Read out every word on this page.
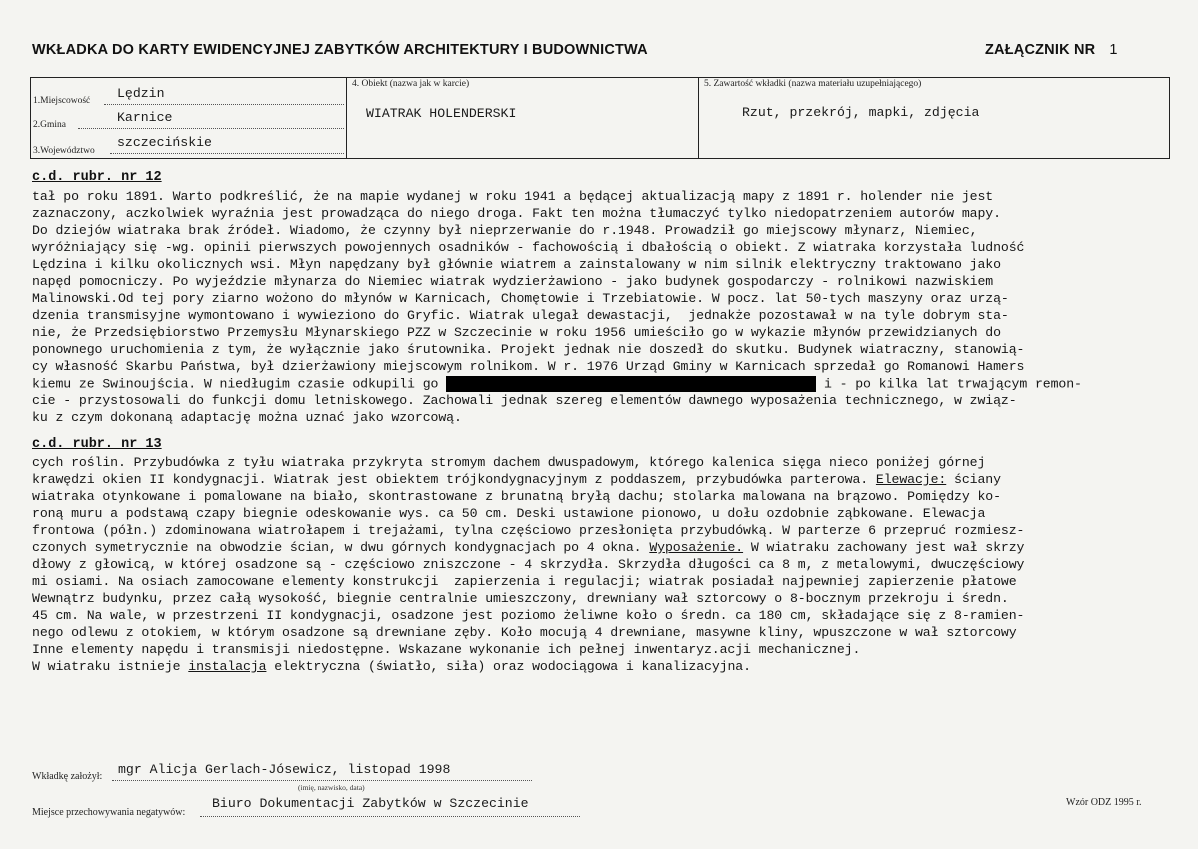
WKŁADKA DO KARTY EWIDENCYJNEJ ZABYTKÓW ARCHITEKTURY I BUDOWNICTWA	ZAŁĄCZNIK NR 1
1.Miejscowość Lędzin
2.Gmina	Karnice
3.Województwo
szczecińskie
4. Obiekt (nazwa jak w karcie)
WIATRAK HOLENDERSKI
5. Zawartość wkładki (nazwa materiału uzupełniającego)
Rzut, przekrój, mapki, zdjęcia
c.d. rubr. nr 12
tał po roku 1891. Warto podkreślić, że na mapie wydanej w roku 1941 a będącej aktualizacją mapy z 1891 r. holender nie jest
zaznaczony, aczkolwiek wyraźnia jest prowadząca do niego droga. Fakt ten można tłumaczyć tylko niedopatrzeniem autorów mapy.
Do dziejów wiatraka brak źródeł. Wiadomo, że czynny był nieprzerwanie do r.1948. Prowadził go miejscowy młynarz, Niemiec,
wyróżniający się -wg. opinii pierwszych powojennych osadników - fachowością i dbałością o obiekt. Z wiatraka korzystała ludność
Lędzina i kilku okolicznych wsi. Młyn napędzany był głównie wiatrem a zainstalowany w nim silnik elektryczny traktowano jako
napęd pomocniczy. Po wyjeździe młynarza do Niemiec wiatrak wydzierżawiono - jako budynek gospodarczy - rolnikowi nazwiskiem
Malinowski.Od tej pory ziarno wożono do młynów w Karnicach, Chomętowie i Trzebiatowie. W pocz. lat 50-tych maszyny oraz urzą-
dzenia transmisyjne wymontowano i wywieziono do Gryfic. Wiatrak ulegał dewastacji,  jednakże pozostawał w na tyle dobrym sta-
nie, że Przedsiębiorstwo Przemysłu Młynarskiego PZZ w Szczecinie w roku 1956 umieściło go w wykazie młynów przewidzianych do
ponownego uruchomienia z tym, że wyłącznie jako śrutownika. Projekt jednak nie doszedł do skutku. Budynek wiatraczny, stanowią-
cy własność Skarbu Państwa, był dzierżawiony miejscowym rolnikom. W r. 1976 Urząd Gminy w Karnicach sprzedał go Romanowi Hamers
kiemu ze Swinoujścia. W niedługim czasie odkupili go	i - po kilka lat trwającym remon-
cie - przystosowali do funkcji domu letniskowego. Zachowali jednak szereg elementów dawnego wyposażenia technicznego, w związ-
ku z czym dokonaną adaptację można uznać jako wzorcową.
c.d. rubr. nr 13
cych roślin. Przybudówka z tyłu wiatraka przykryta stromym dachem dwuspadowym, którego kalenica sięga nieco poniżej górnej
krawędzi okien II kondygnacji. Wiatrak jest obiektem trójkondygnacyjnym z poddaszem, przybudówka parterowa. Elewacje: ściany
wiatraka otynkowane i pomalowane na biało, skontrastowane z brunatną bryłą dachu; stolarka malowana na brązowo. Pomiędzy ko-
roną muru a podstawą czapy biegnie odeskowanie wys. ca 50 cm. Deski ustawione pionowo, u dołu ozdobnie ząbkowane. Elewacja
frontowa (półn.) zdominowana wiatrołapem i trejażami, tylna częściowo przesłonięta przybudówką. W parterze 6 przepruć rozmiesz-
czonych symetrycznie na obwodzie ścian, w dwu górnych kondygnacjach po 4 okna. Wyposażenie. W wiatraku zachowany jest wał skrzy
dłowy z głowicą, w której osadzone są - częściowo zniszczone - 4 skrzydła. Skrzydła długości ca 8 m, z metalowymi, dwuczęściowy
mi osiami. Na osiach zamocowane elementy konstrukcji  zapierzenia i regulacji; wiatrak posiadał najpewniej zapierzenie płatowe
Wewnątrz budynku, przez całą wysokość, biegnie centralnie umieszczony, drewniany wał sztorcowy o 8-bocznym przekroju i średn.
45 cm. Na wale, w przestrzeni II kondygnacji, osadzone jest poziomo żeliwne koło o średn. ca 180 cm, składające się z 8-ramien-
nego odlewu z otokiem, w którym osadzone są drewniane zęby. Koło mocują 4 drewniane, masywne kliny, wpuszczone w wał sztorcowy
Inne elementy napędu i transmisji niedostępne. Wskazane wykonanie ich pełnej inwentaryz.acji mechanicznej.
W wiatraku istnieje instalacja elektryczna (światło, siła) oraz wodociągowa i kanalizacyjna.
Wkładkę założył: mgr Alicja Gerlach-Jósewicz, listopad 1998
(imię, nazwisko, data)
Miejsce przechowywania negatywów:
Biuro Dokumentacji Zabytków w Szczecinie	Wzór ODZ 1995 r.
